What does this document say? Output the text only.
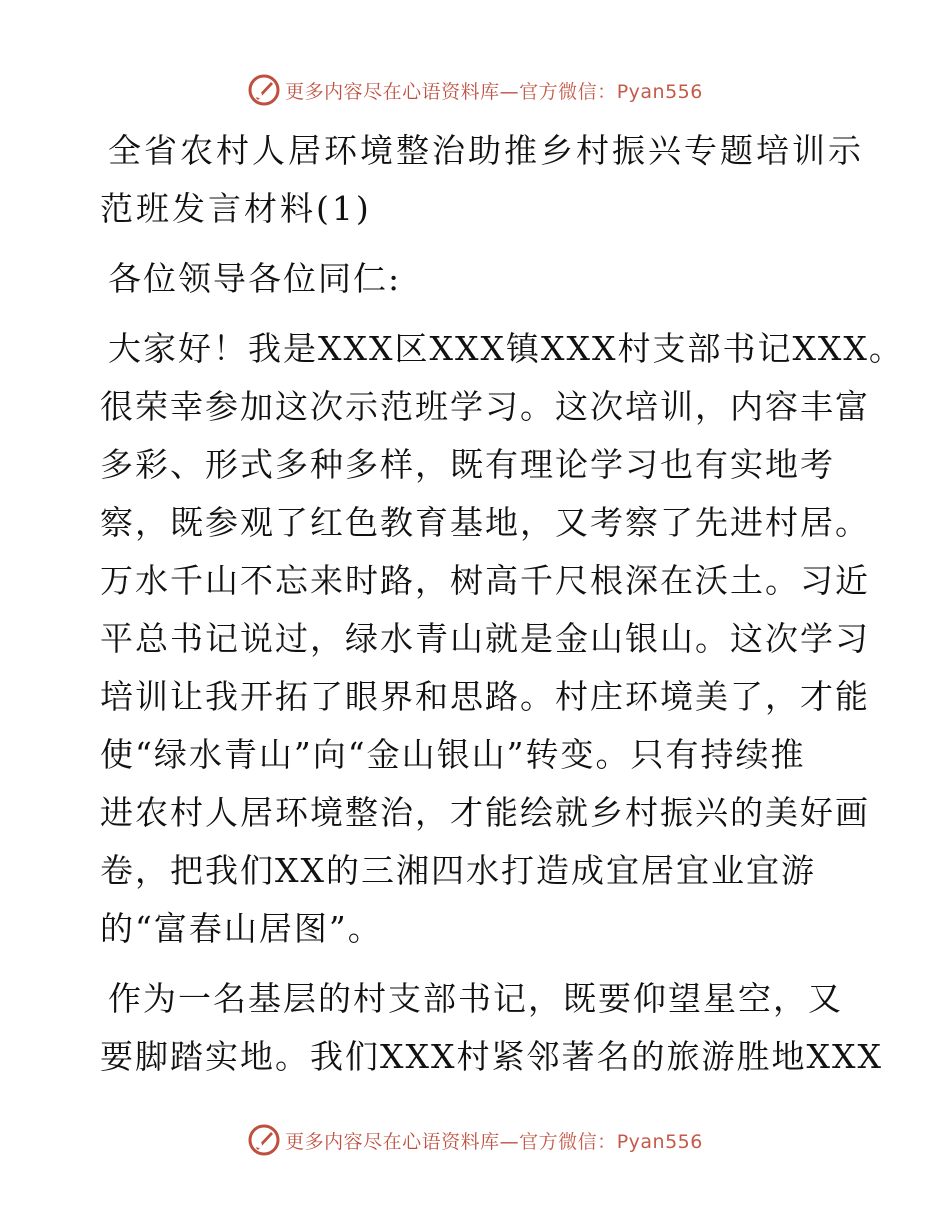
更多内容尽在心语资料库—官方微信：Pyan556
全省农村人居环境整治助推乡村振兴专题培训示
范班发言材料(1)
各位领导各位同仁:
大家好！我是XXX区XXX镇XXX村支部书记XXX。
很荣幸参加这次示范班学习。这次培训，内容丰富
多彩、形式多种多样，既有理论学习也有实地考
察，既参观了红色教育基地，又考察了先进村居。
万水千山不忘来时路，树高千尺根深在沃土。习近
平总书记说过，绿水青山就是金山银山。这次学习
培训让我开拓了眼界和思路。村庄环境美了，才能
使“绿水青山”向“金山银山”转变。只有持续推
进农村人居环境整治，才能绘就乡村振兴的美好画
卷，把我们XX的三湘四水打造成宜居宜业宜游
的“富春山居图”。
作为一名基层的村支部书记，既要仰望星空，又
要脚踏实地。我们XXX村紧邻著名的旅游胜地XXX
更多内容尽在心语资料库—官方微信：Pyan556
